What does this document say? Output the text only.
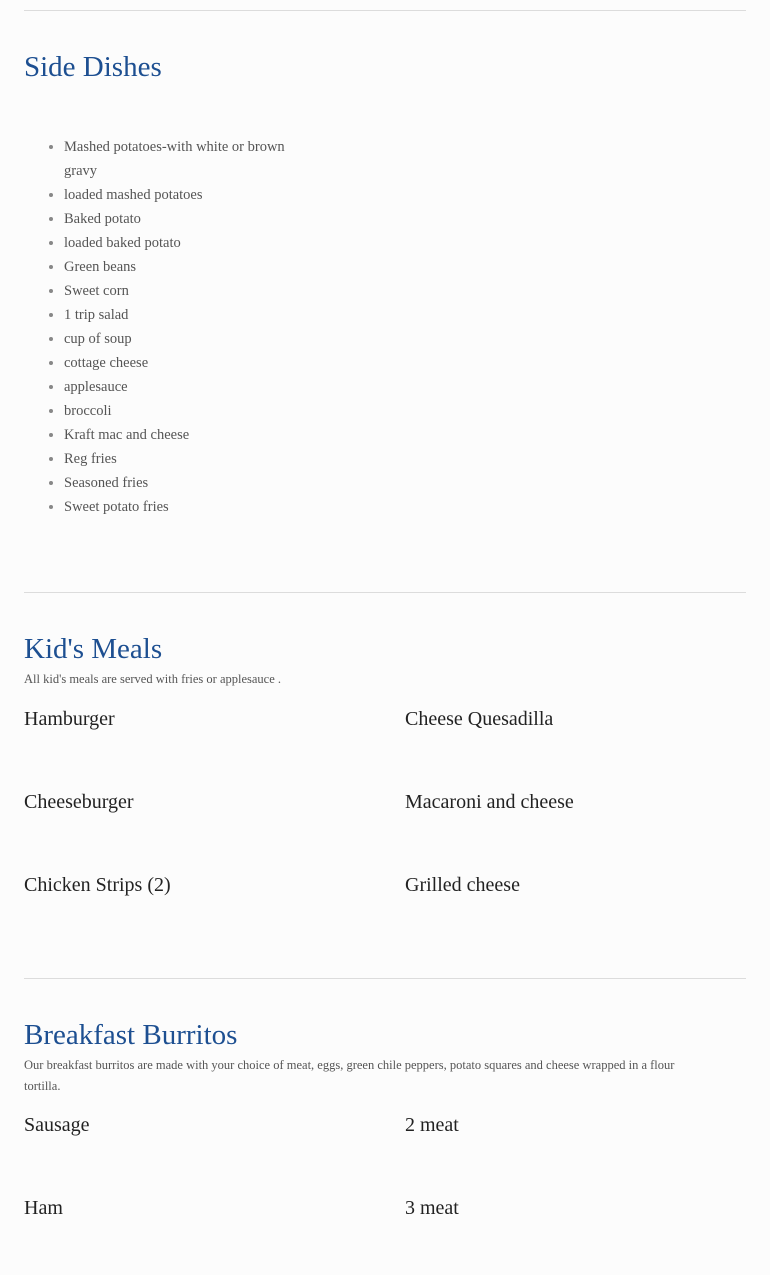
Side Dishes
• Mashed potatoes-with white or brown gravy
• loaded mashed potatoes
• Baked potato
• loaded baked potato
• Green beans
• Sweet corn
• 1 trip salad
• cup of soup
• cottage cheese
• applesauce
• broccoli
• Kraft mac and cheese
• Reg fries
• Seasoned fries
• Sweet potato fries
Kid's Meals

All kid's meals are served with fries or applesauce .

Hamburger	Cheese Quesadilla
Cheeseburger	Macaroni and cheese
Chicken Strips (2)	Grilled cheese
Breakfast Burritos

Our breakfast burritos are made with your choice of meat, eggs, green chile peppers, potato squares and cheese wrapped in a flour tortilla.

Sausage	2 meat
Ham	3 meat
